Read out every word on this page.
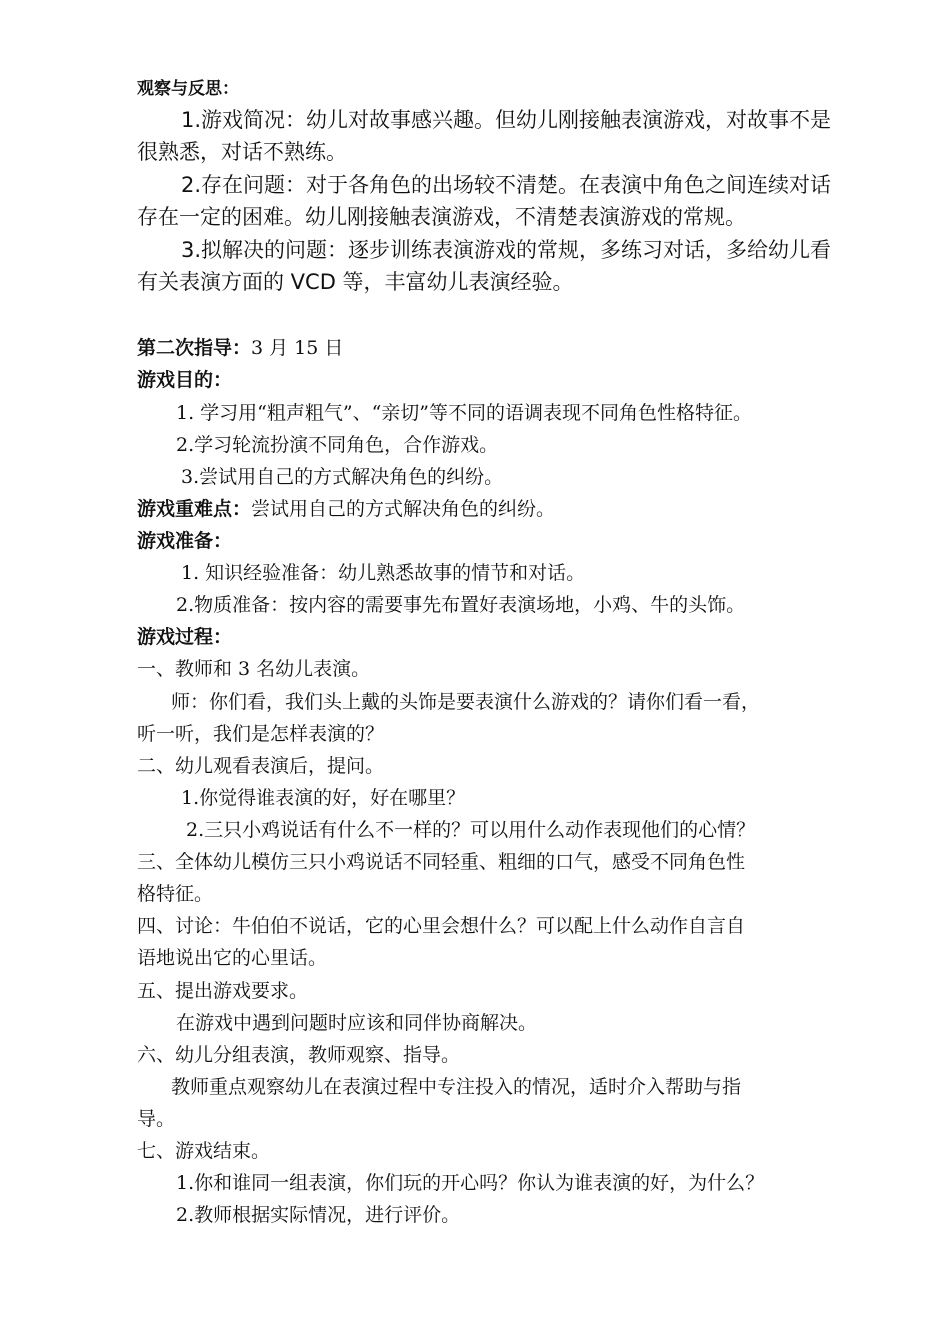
观察与反思：
1.游戏简况：幼儿对故事感兴趣。但幼儿刚接触表演游戏，对故事不是
很熟悉，对话不熟练。
2.存在问题：对于各角色的出场较不清楚。在表演中角色之间连续对话
存在一定的困难。幼儿刚接触表演游戏，不清楚表演游戏的常规。
3.拟解决的问题：逐步训练表演游戏的常规，多练习对话，多给幼儿看
有关表演方面的 VCD 等，丰富幼儿表演经验。
第二次指导：3 月 15 日
游戏目的：
1. 学习用“粗声粗气”、“亲切”等不同的语调表现不同角色性格特征。
2.学习轮流扮演不同角色，合作游戏。
3.尝试用自己的方式解决角色的纠纷。
游戏重难点：尝试用自己的方式解决角色的纠纷。
游戏准备：
1. 知识经验准备：幼儿熟悉故事的情节和对话。
2.物质准备：按内容的需要事先布置好表演场地，小鸡、牛的头饰。
游戏过程：
一、教师和 3 名幼儿表演。
师：你们看，我们头上戴的头饰是要表演什么游戏的？请你们看一看，
听一听，我们是怎样表演的？
二、幼儿观看表演后，提问。
1.你觉得谁表演的好，好在哪里？
2.三只小鸡说话有什么不一样的？可以用什么动作表现他们的心情？
三、全体幼儿模仿三只小鸡说话不同轻重、粗细的口气，感受不同角色性
格特征。
四、讨论：牛伯伯不说话，它的心里会想什么？可以配上什么动作自言自
语地说出它的心里话。
五、提出游戏要求。
在游戏中遇到问题时应该和同伴协商解决。
六、幼儿分组表演，教师观察、指导。
教师重点观察幼儿在表演过程中专注投入的情况，适时介入帮助与指
导。
七、游戏结束。
1.你和谁同一组表演，你们玩的开心吗？你认为谁表演的好，为什么？
2.教师根据实际情况，进行评价。
